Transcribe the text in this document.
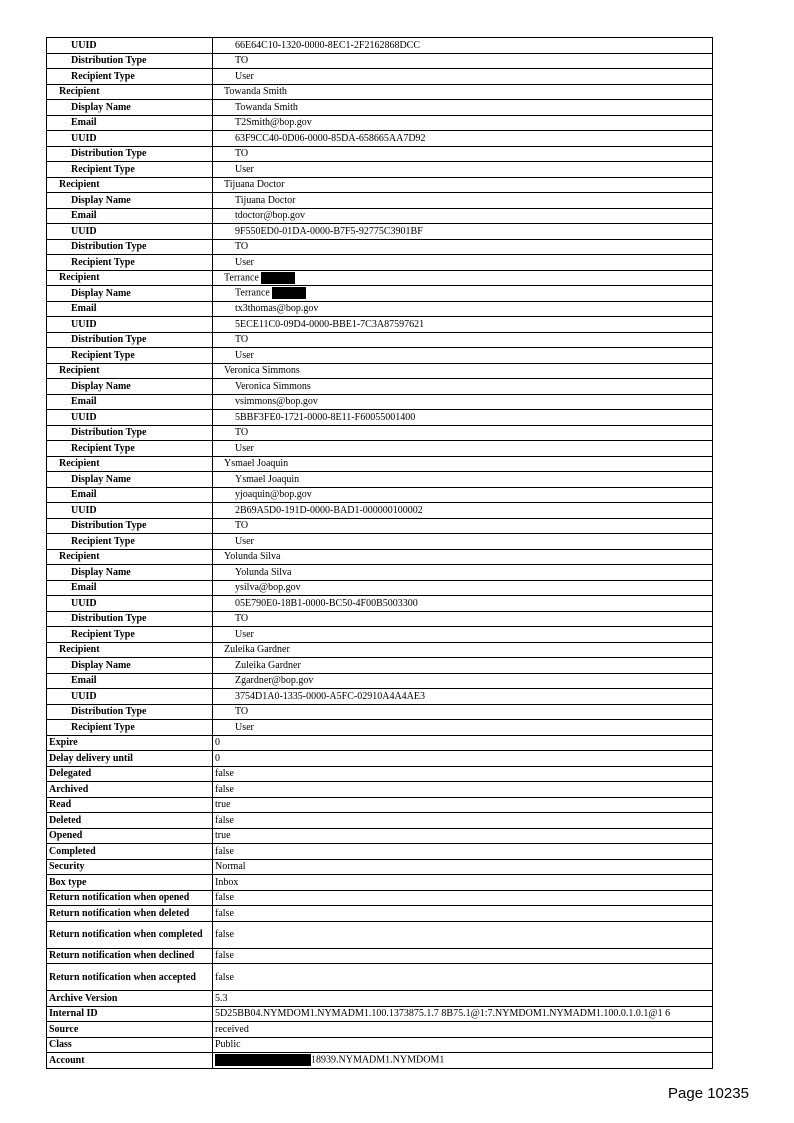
UUID	66E64C10-1320-0000-8EC1-2F2162868DCC
Distribution Type	TO
Recipient Type	User
Recipient	Towanda Smith
Display Name	Towanda Smith
Email	T2Smith@bop.gov
UUID	63F9CC40-0D06-0000-85DA-658665AA7D92
Distribution Type	TO
Recipient Type	User
Recipient	Tijuana Doctor
Display Name	Tijuana Doctor
Email	tdoctor@bop.gov
UUID	9F550ED0-01DA-0000-B7F5-92775C3901BF
Distribution Type	TO
Recipient Type	User
Recipient	Terrance
Display Name	Terrance
Email	tx3thomas@bop.gov
UUID	5ECE11C0-09D4-0000-BBE1-7C3A87597621
Distribution Type	TO
Recipient Type	User
Recipient	Veronica Simmons
Display Name	Veronica Simmons
Email	vsimmons@bop.gov
UUID	5BBF3FE0-1721-0000-8E11-F60055001400
Distribution Type	TO
Recipient Type	User
Recipient	Ysmael Joaquin
Display Name	Ysmael Joaquin
Email	yjoaquin@bop.gov
UUID	2B69A5D0-191D-0000-BAD1-000000100002
Distribution Type	TO
Recipient Type	User
Recipient	Yolunda Silva
Display Name	Yolunda Silva
Email	ysilva@bop.gov
UUID	05E790E0-18B1-0000-BC50-4F00B5003300
Distribution Type	TO
Recipient Type	User
Recipient	Zuleika Gardner
Display Name	Zuleika Gardner
Email	Zgardner@bop.gov
UUID	3754D1A0-1335-0000-A5FC-02910A4A4AE3
Distribution Type	TO
Recipient Type	User
Expire	0
Delay delivery until	0
Delegated	false
Archived	false
Read	true
Deleted	false
Opened	true
Completed	false
Security	Normal
Box type	Inbox
Return notification when opened	false
Return notification when deleted	false
Return notification when completed	false
Return notification when declined	false
Return notification when accepted	false
Archive Version	5.3
Internal ID	5D25BB04.NYMDOM1.NYMADM1.100.1373875.1.7 8B75.1@1:7.NYMDOM1.NYMADM1.100.0.1.0.1@1 6
Source	received
Class	Public
Account	18939.NYMADM1.NYMDOM1
Page 10235
